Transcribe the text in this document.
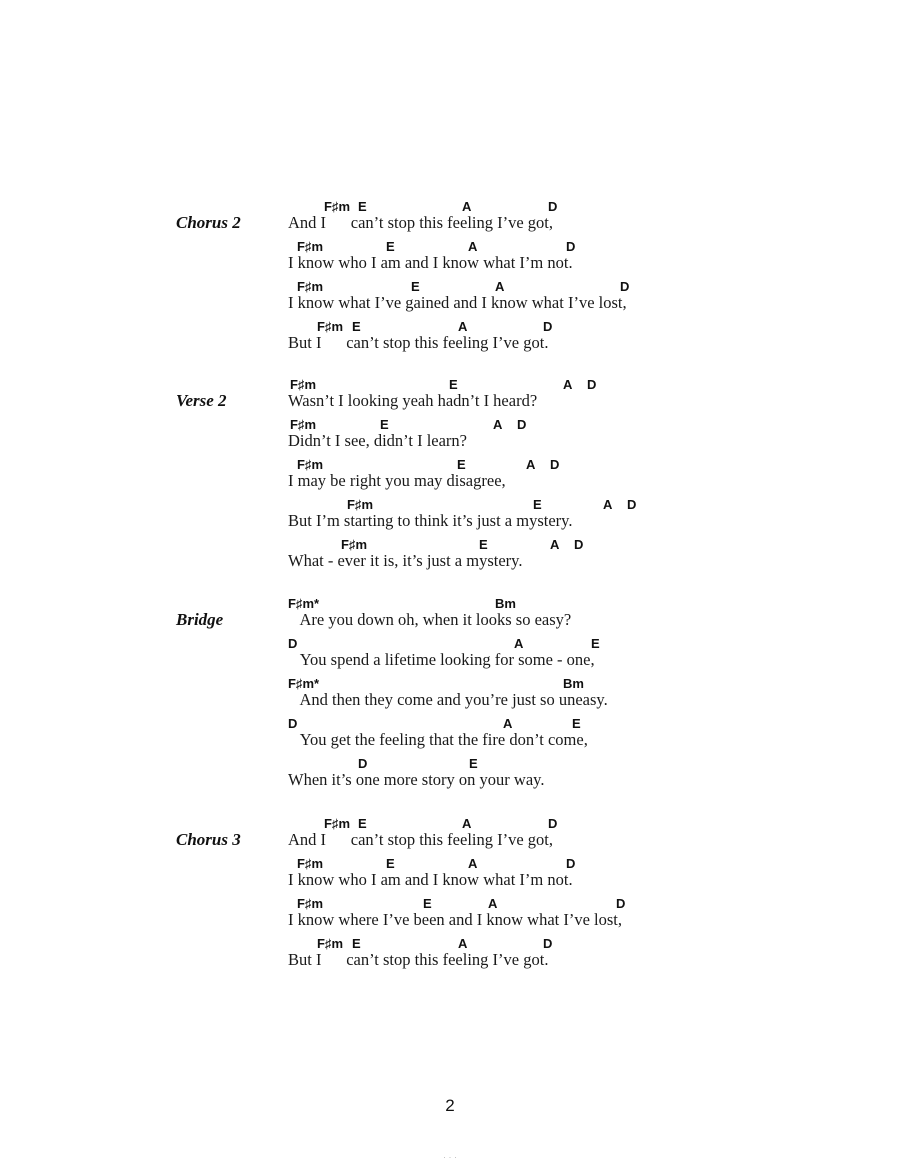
Chorus 2
F♯m E	A	D
And I      can’t stop this feeling I’ve got,
F♯m	E	A	D
I know who I am and I know what I’m not.
F♯m	E	A	D
I know what I’ve gained and I know what I’ve lost,
F♯m E	A	D
But I      can’t stop this feeling I’ve got.
Verse 2
F♯m	E	A D
Wasn’t I looking yeah hadn’t I heard?
F♯m	E	A D
Didn’t I see, didn’t I learn?
F♯m	E	A D
I may be right you may disagree,
F♯m	E	A D
But I’m starting to think it’s just a mystery.
F♯m	E	A D
What - ever it is, it’s just a mystery.
Bridge
F♯m*	Bm
Are you down oh, when it looks so easy?
D	A	E
You spend a lifetime looking for some - one,
F♯m*	Bm
And then they come and you’re just so uneasy.
D	A	E
You get the feeling that the fire don’t come,
D	E
When it’s one more story on your way.
Chorus 3
F♯m E	A	D
And I      can’t stop this feeling I’ve got,
F♯m	E	A	D
I know who I am and I know what I’m not.
F♯m	E	A	D
I know where I’ve been and I know what I’ve lost,
F♯m E	A	D
But I      can’t stop this feeling I’ve got.
2
· · ·
